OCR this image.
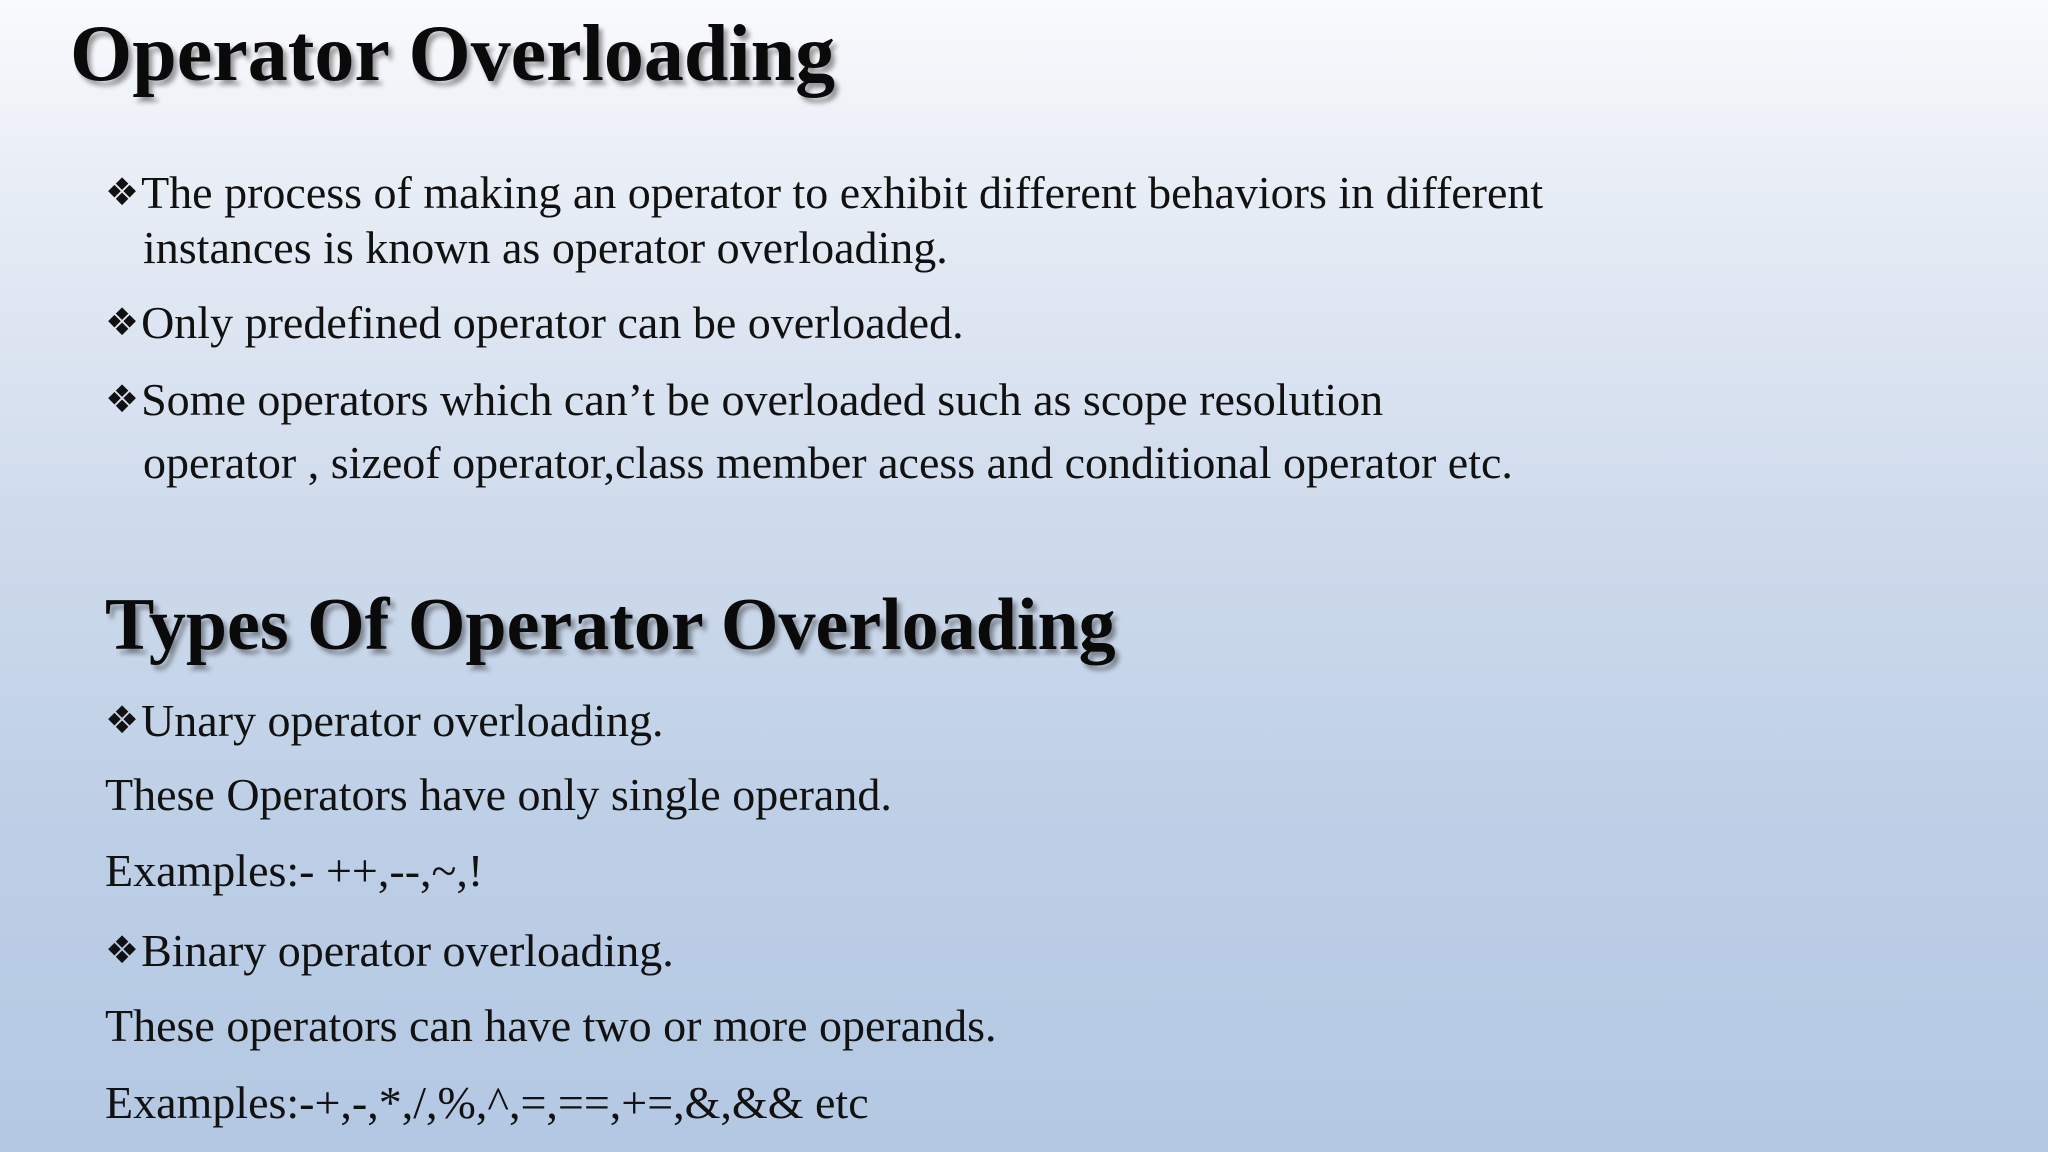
Operator Overloading

❖The process of making an operator to exhibit different behaviors in different

instances is known as operator overloading.

❖Only predefined operator can be overloaded.

❖Some operators which can’t be overloaded such as scope resolution

operator , sizeof operator,class member acess and conditional operator etc.

Types Of Operator Overloading

❖Unary operator overloading.

These Operators have only single operand.

Examples:- ++,--,~,!

❖Binary operator overloading.

These operators can have two or more operands.

Examples:-+,-,*,/,%,^,=,==,+=,&,&& etc
